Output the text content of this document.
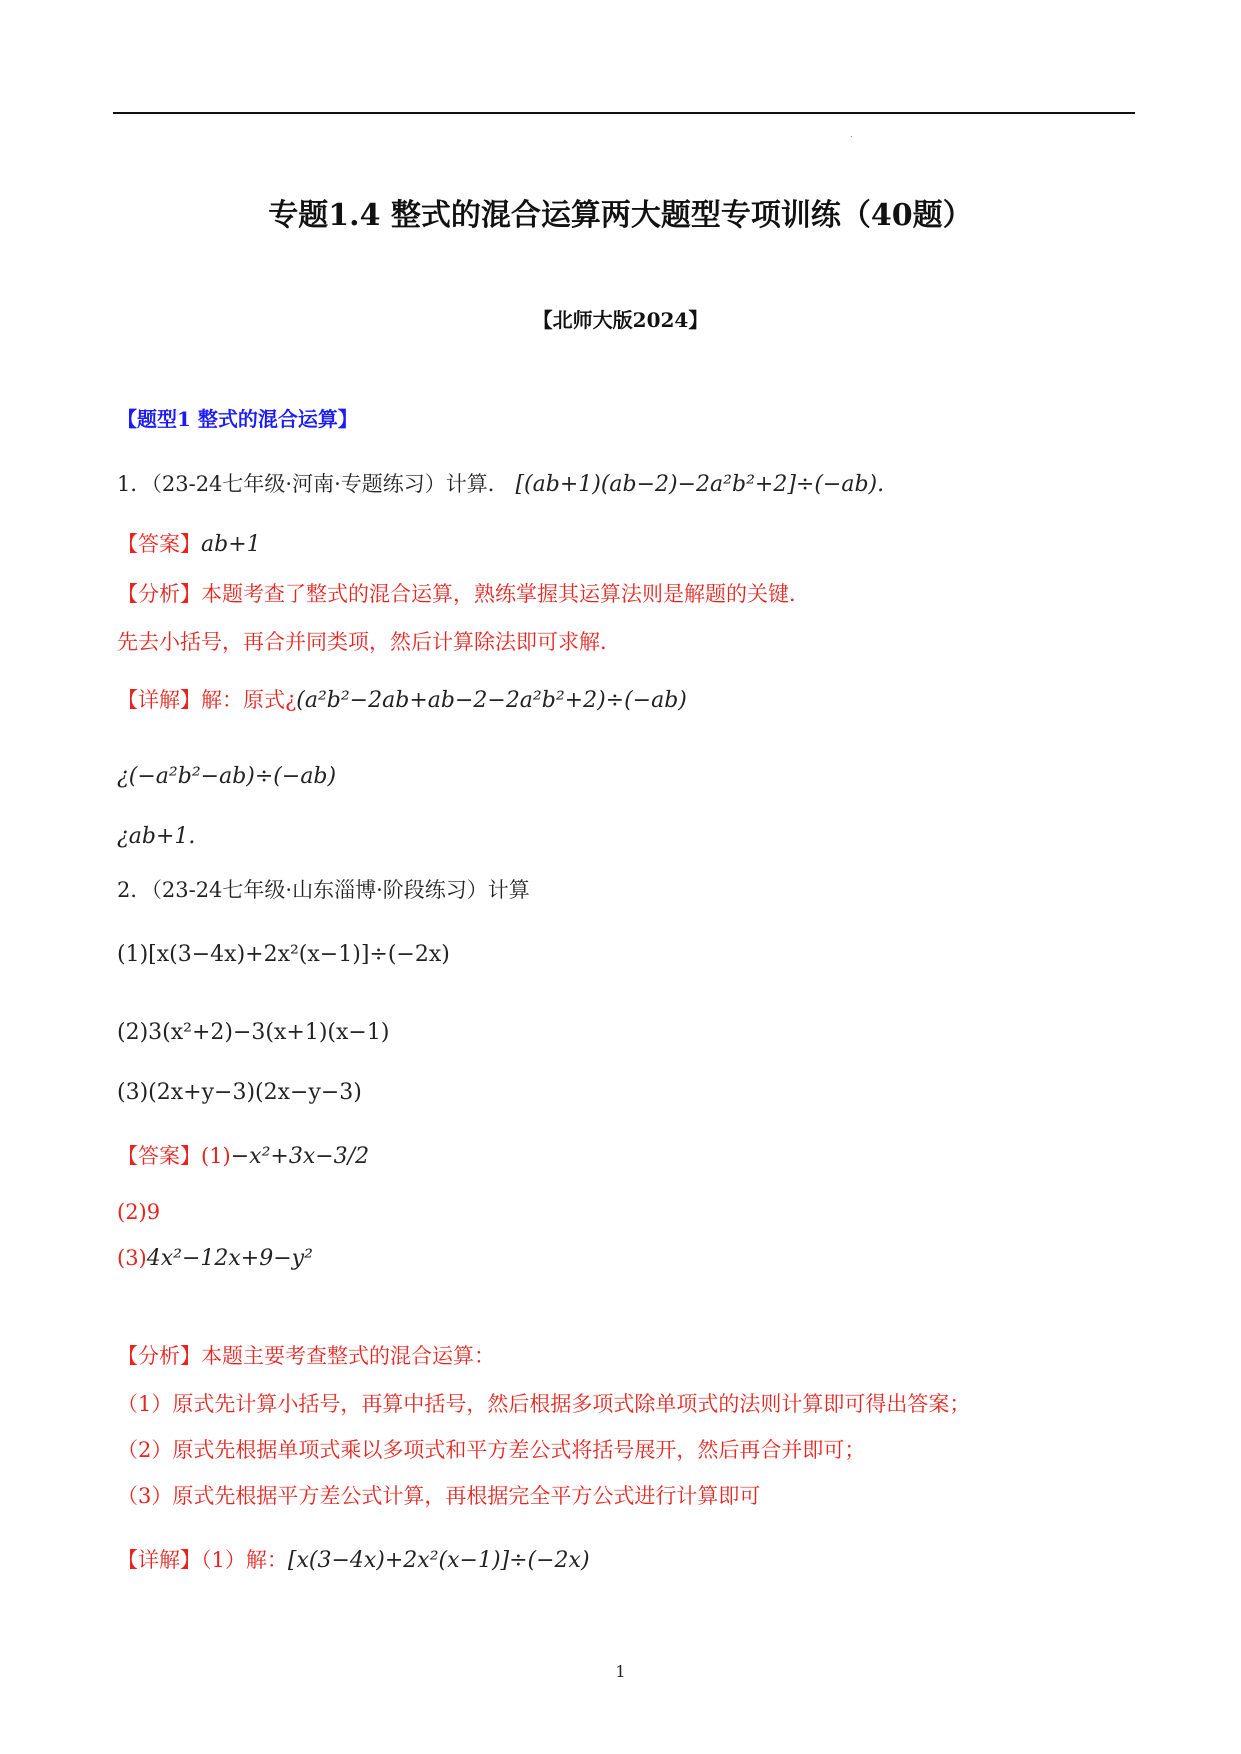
.
专题1.4 整式的混合运算两大题型专项训练（40题）
【北师大版2024】
【题型1 整式的混合运算】
1．（23-24七年级·河南·专题练习）计算． [(ab+1)(ab−2)−2a²b²+2]÷(−ab).
【答案】ab+1
【分析】本题考查了整式的混合运算，熟练掌握其运算法则是解题的关键．
先去小括号，再合并同类项，然后计算除法即可求解．
【详解】解：原式¿(a²b²−2ab+ab−2−2a²b²+2)÷(−ab)
¿(−a²b²−ab)÷(−ab)
¿ab+1.
2．（23-24七年级·山东淄博·阶段练习）计算
(1)[x(3−4x)+2x²(x−1)]÷(−2x)
(2)3(x²+2)−3(x+1)(x−1)
(3)(2x+y−3)(2x−y−3)
【答案】(1)−x²+3x−3/2
(2)9
(3)4x²−12x+9−y²
【分析】本题主要考查整式的混合运算：
（1）原式先计算小括号，再算中括号，然后根据多项式除单项式的法则计算即可得出答案；
（2）原式先根据单项式乘以多项式和平方差公式将括号展开，然后再合并即可；
（3）原式先根据平方差公式计算，再根据完全平方公式进行计算即可
【详解】（1）解：[x(3−4x)+2x²(x−1)]÷(−2x)
1
